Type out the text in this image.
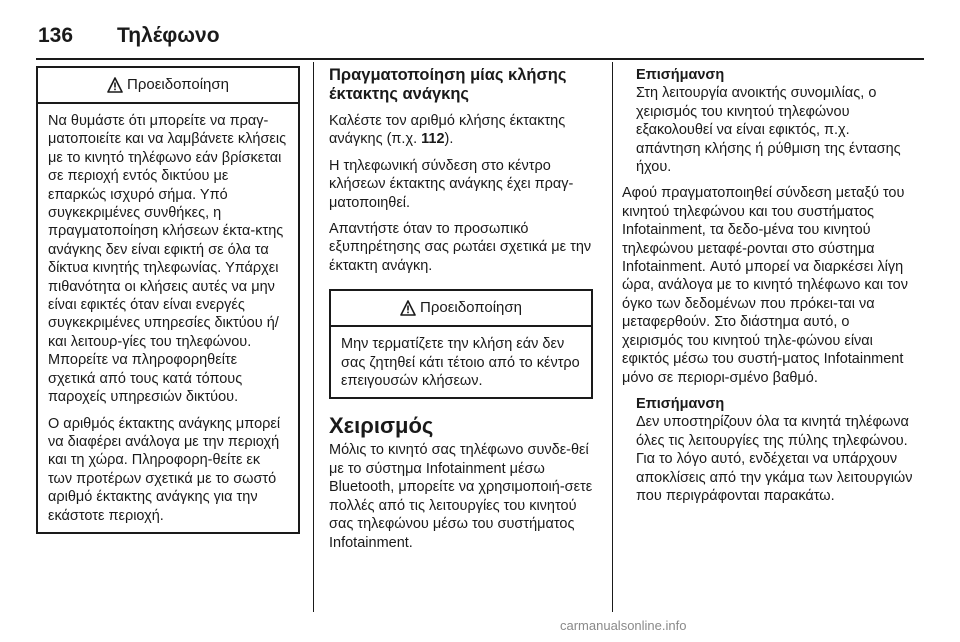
136 Τηλέφωνο
Προειδοποίηση

Να θυμάστε ότι μπορείτε να πραγ-ματοποιείτε και να λαμβάνετε κλήσεις με το κινητό τηλέφωνο εάν βρίσκεται σε περιοχή εντός δικτύου με επαρκώς ισχυρό σήμα. Υπό συγκεκριμένες συνθήκες, η πραγματοποίηση κλήσεων έκτα-κτης ανάγκης δεν είναι εφικτή σε όλα τα δίκτυα κινητής τηλεφωνίας. Υπάρχει πιθανότητα οι κλήσεις αυτές να μην είναι εφικτές όταν είναι ενεργές συγκεκριμένες υπηρεσίες δικτύου ή/και λειτουρ-γίες του τηλεφώνου. Μπορείτε να πληροφορηθείτε σχετικά από τους κατά τόπους παροχείς υπηρεσιών δικτύου.

Ο αριθμός έκτακτης ανάγκης μπορεί να διαφέρει ανάλογα με την περιοχή και τη χώρα. Πληροφορη-θείτε εκ των προτέρων σχετικά με το σωστό αριθμό έκτακτης ανάγκης για την εκάστοτε περιοχή.

Πραγματοποίηση μίας κλήσης έκτακτης ανάγκης

Καλέστε τον αριθμό κλήσης έκτακτης ανάγκης (π.χ. 112).

Η τηλεφωνική σύνδεση στο κέντρο κλήσεων έκτακτης ανάγκης έχει πραγ-ματοποιηθεί.

Απαντήστε όταν το προσωπικό εξυπηρέτησης σας ρωτάει σχετικά με την έκτακτη ανάγκη.

Προειδοποίηση

Μην τερματίζετε την κλήση εάν δεν σας ζητηθεί κάτι τέτοιο από το κέντρο επειγουσών κλήσεων.

Χειρισμός

Μόλις το κινητό σας τηλέφωνο συνδε-θεί με το σύστημα Infotainment μέσω Bluetooth, μπορείτε να χρησιμοποιή-σετε πολλές από τις λειτουργίες του κινητού σας τηλεφώνου μέσω του συστήματος Infotainment.

Επισήμανση
Στη λειτουργία ανοικτής συνομιλίας, ο χειρισμός του κινητού τηλεφώνου εξακολουθεί να είναι εφικτός, π.χ. απάντηση κλήσης ή ρύθμιση της έντασης ήχου.

Αφού πραγματοποιηθεί σύνδεση μεταξύ του κινητού τηλεφώνου και του συστήματος Infotainment, τα δεδο-μένα του κινητού τηλεφώνου μεταφέ-ρονται στο σύστημα Infotainment. Αυτό μπορεί να διαρκέσει λίγη ώρα, ανάλογα με το κινητό τηλέφωνο και τον όγκο των δεδομένων που πρόκει-ται να μεταφερθούν. Στο διάστημα αυτό, ο χειρισμός του κινητού τηλε-φώνου είναι εφικτός μέσω του συστή-ματος Infotainment μόνο σε περιορι-σμένο βαθμό.

Επισήμανση
Δεν υποστηρίζουν όλα τα κινητά τηλέφωνα όλες τις λειτουργίες της πύλης τηλεφώνου. Για το λόγο αυτό, ενδέχεται να υπάρχουν αποκλίσεις από την γκάμα των λειτουργιών που περιγράφονται παρακάτω.
carmanualsonline.info
